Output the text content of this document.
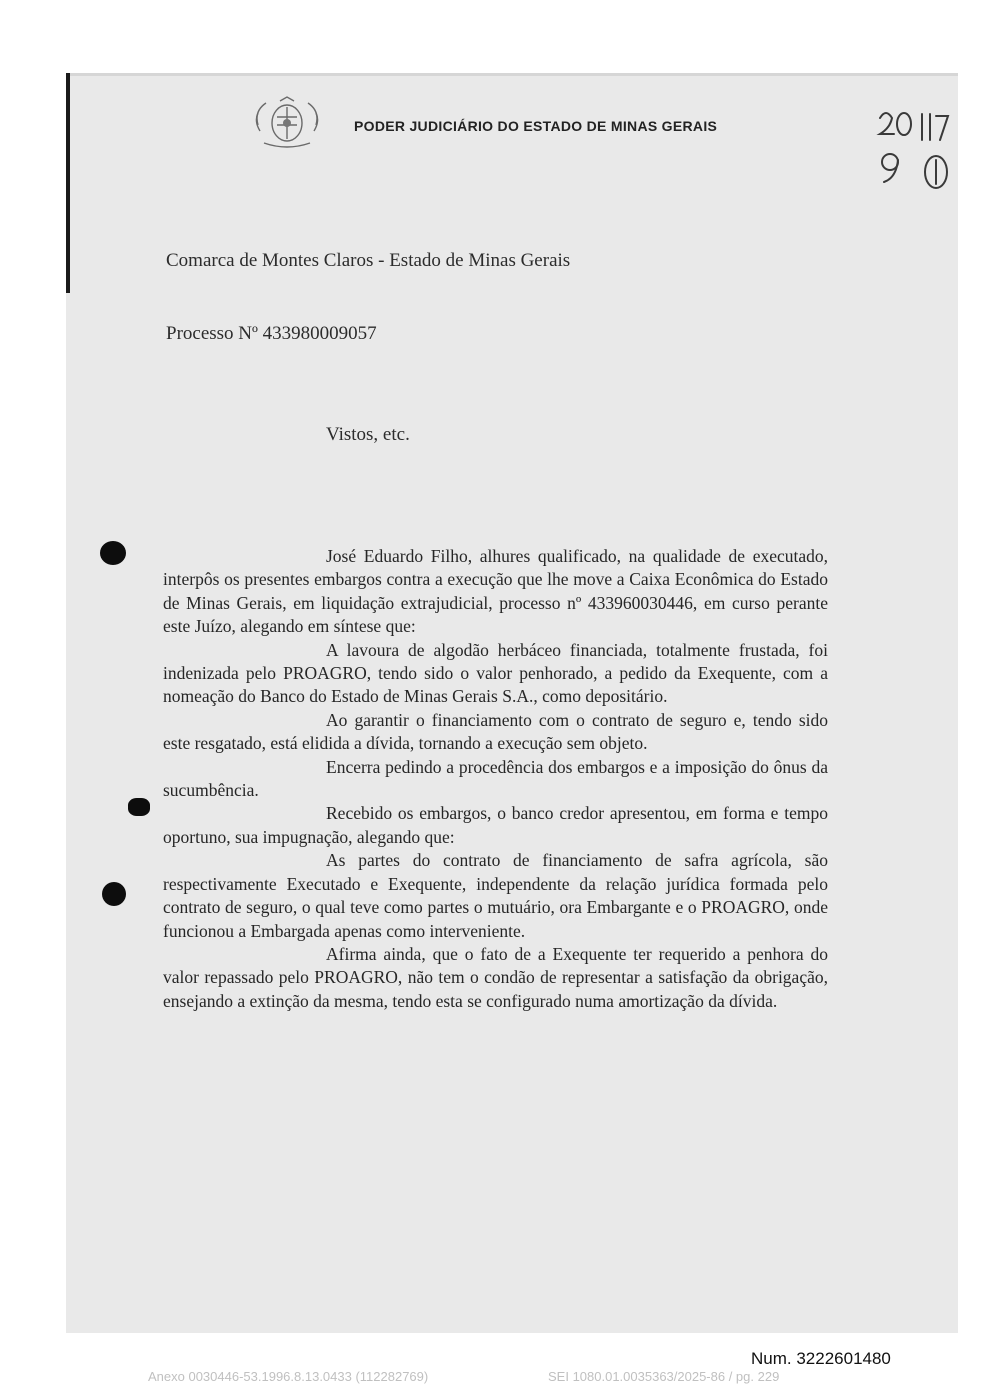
PODER JUDICIÁRIO DO ESTADO DE MINAS GERAIS
Comarca de Montes Claros - Estado de Minas Gerais
Processo Nº 433980009057
Vistos, etc.

José Eduardo Filho, alhures qualificado, na qualidade de executado, interpôs os presentes embargos contra a execução que lhe move a Caixa Econômica do Estado de Minas Gerais, em liquidação extrajudicial, processo nº 433960030446, em curso perante este Juízo, alegando em síntese que:

A lavoura de algodão herbáceo financiada, totalmente frustada, foi indenizada pelo PROAGRO, tendo sido o valor penhorado, a pedido da Exequente, com a nomeação do Banco do Estado de Minas Gerais S.A., como depositário.

Ao garantir o financiamento com o contrato de seguro e, tendo sido este resgatado, está elidida a dívida, tornando a execução sem objeto.

Encerra pedindo a procedência dos embargos e a imposição do ônus da sucumbência.

Recebido os embargos, o banco credor apresentou, em forma e tempo oportuno, sua impugnação, alegando que:

As partes do contrato de financiamento de safra agrícola, são respectivamente Executado e Exequente, independente da relação jurídica formada pelo contrato de seguro, o qual teve como partes o mutuário, ora Embargante e o PROAGRO, onde funcionou a Embargada apenas como interveniente.

Afirma ainda, que o fato de a Exequente ter requerido a penhora do valor repassado pelo PROAGRO, não tem o condão de representar a satisfação da obrigação, ensejando a extinção da mesma, tendo esta se configurado numa amortização da dívida.

Num. 3222601480
Anexo 0030446-53.1996.8.13.0433 (112282769)	SEI 1080.01.0035363/2025-86 / pg. 229
